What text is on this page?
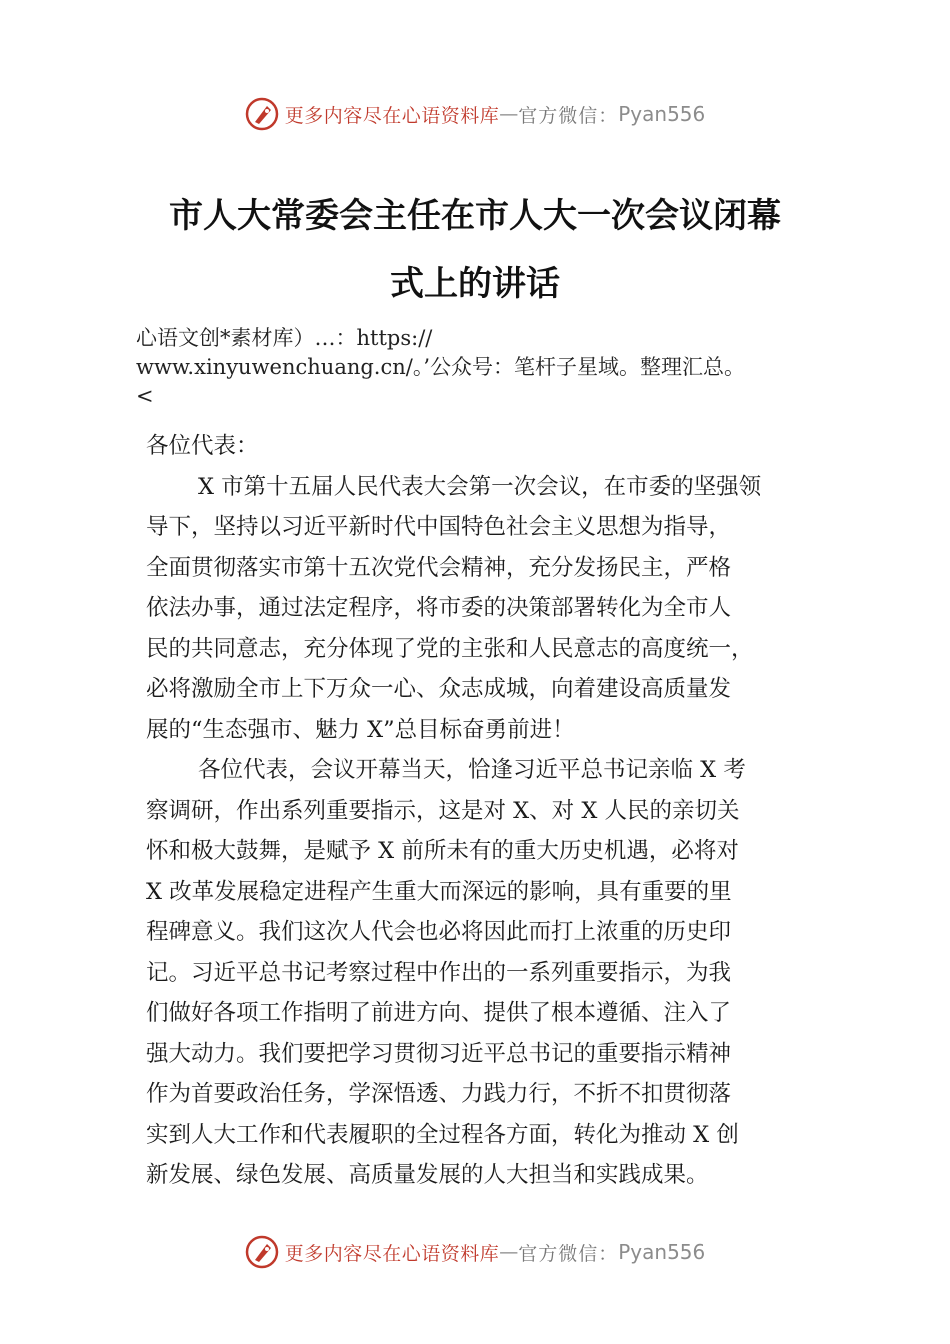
更多内容尽在心语资料库 — 官方微信： Pyan556
市人大常委会主任在市人大一次会议闭幕
式上的讲话
心语文创*素材库）…：https://
www.xinyuwenchuang.cn/。’公众号：笔杆子星域。整理汇总。
<
各位代表：
X 市第十五届人民代表大会第一次会议，在市委的坚强领
导下，坚持以习近平新时代中国特色社会主义思想为指导，
全面贯彻落实市第十五次党代会精神，充分发扬民主，严格
依法办事，通过法定程序，将市委的决策部署转化为全市人
民的共同意志，充分体现了党的主张和人民意志的高度统一，
必将激励全市上下万众一心、众志成城，向着建设高质量发
展的“生态强市、魅力 X”总目标奋勇前进！
各位代表，会议开幕当天，恰逢习近平总书记亲临 X 考
察调研，作出系列重要指示，这是对 X、对 X 人民的亲切关
怀和极大鼓舞，是赋予 X 前所未有的重大历史机遇，必将对
X 改革发展稳定进程产生重大而深远的影响，具有重要的里
程碑意义。我们这次人代会也必将因此而打上浓重的历史印
记。习近平总书记考察过程中作出的一系列重要指示，为我
们做好各项工作指明了前进方向、提供了根本遵循、注入了
强大动力。我们要把学习贯彻习近平总书记的重要指示精神
作为首要政治任务，学深悟透、力践力行，不折不扣贯彻落
实到人大工作和代表履职的全过程各方面，转化为推动 X 创
新发展、绿色发展、高质量发展的人大担当和实践成果。
更多内容尽在心语资料库 — 官方微信： Pyan556
